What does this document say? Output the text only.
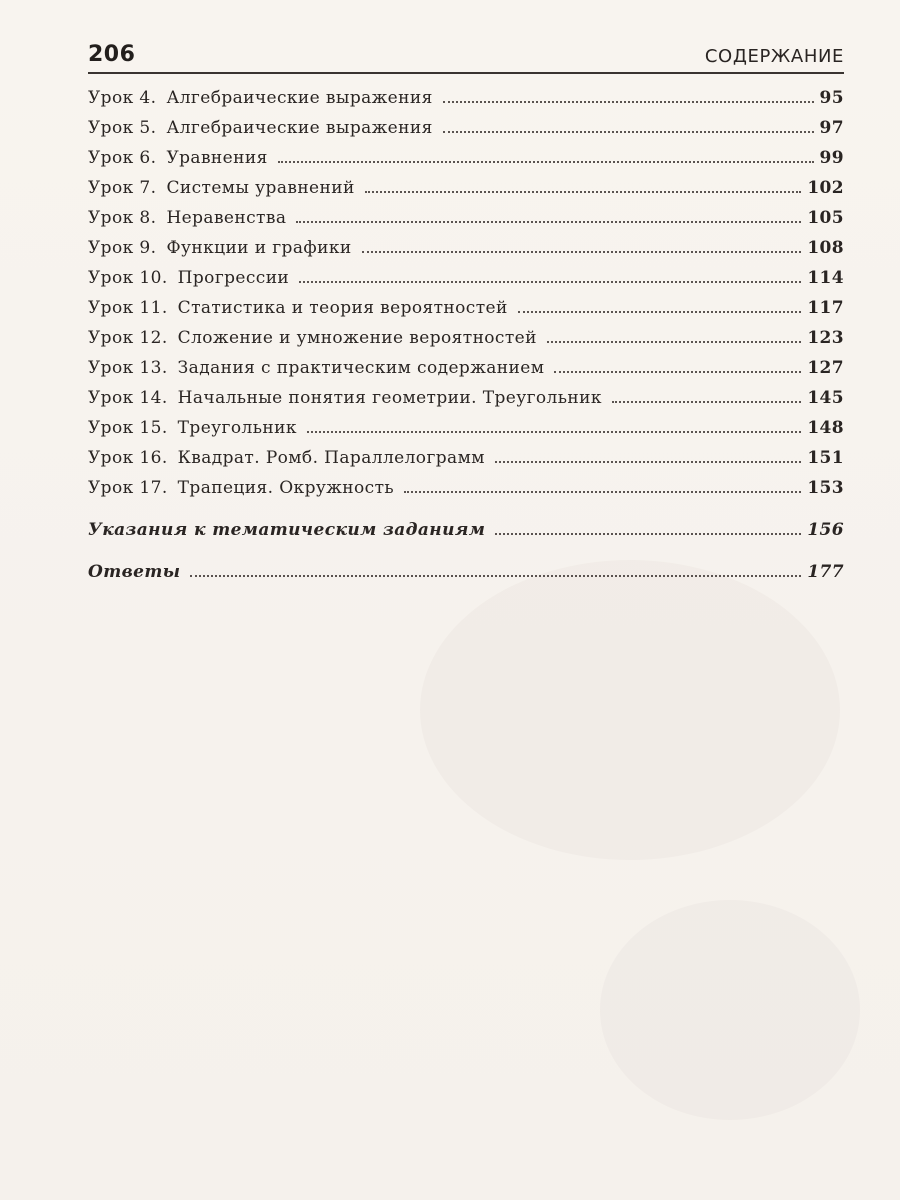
206	СОДЕРЖАНИЕ
Урок 4. Алгебраические выражения	95
Урок 5. Алгебраические выражения	97
Урок 6. Уравнения	99
Урок 7. Системы уравнений	102
Урок 8. Неравенства	105
Урок 9. Функции и графики	108
Урок 10. Прогрессии	114
Урок 11. Статистика и теория вероятностей	117
Урок 12. Сложение и умножение вероятностей	123
Урок 13. Задания с практическим содержанием	127
Урок 14. Начальные понятия геометрии. Треугольник	145
Урок 15. Треугольник	148
Урок 16. Квадрат. Ромб. Параллелограмм	151
Урок 17. Трапеция. Окружность	153
Указания к тематическим заданиям	156
Ответы	177
